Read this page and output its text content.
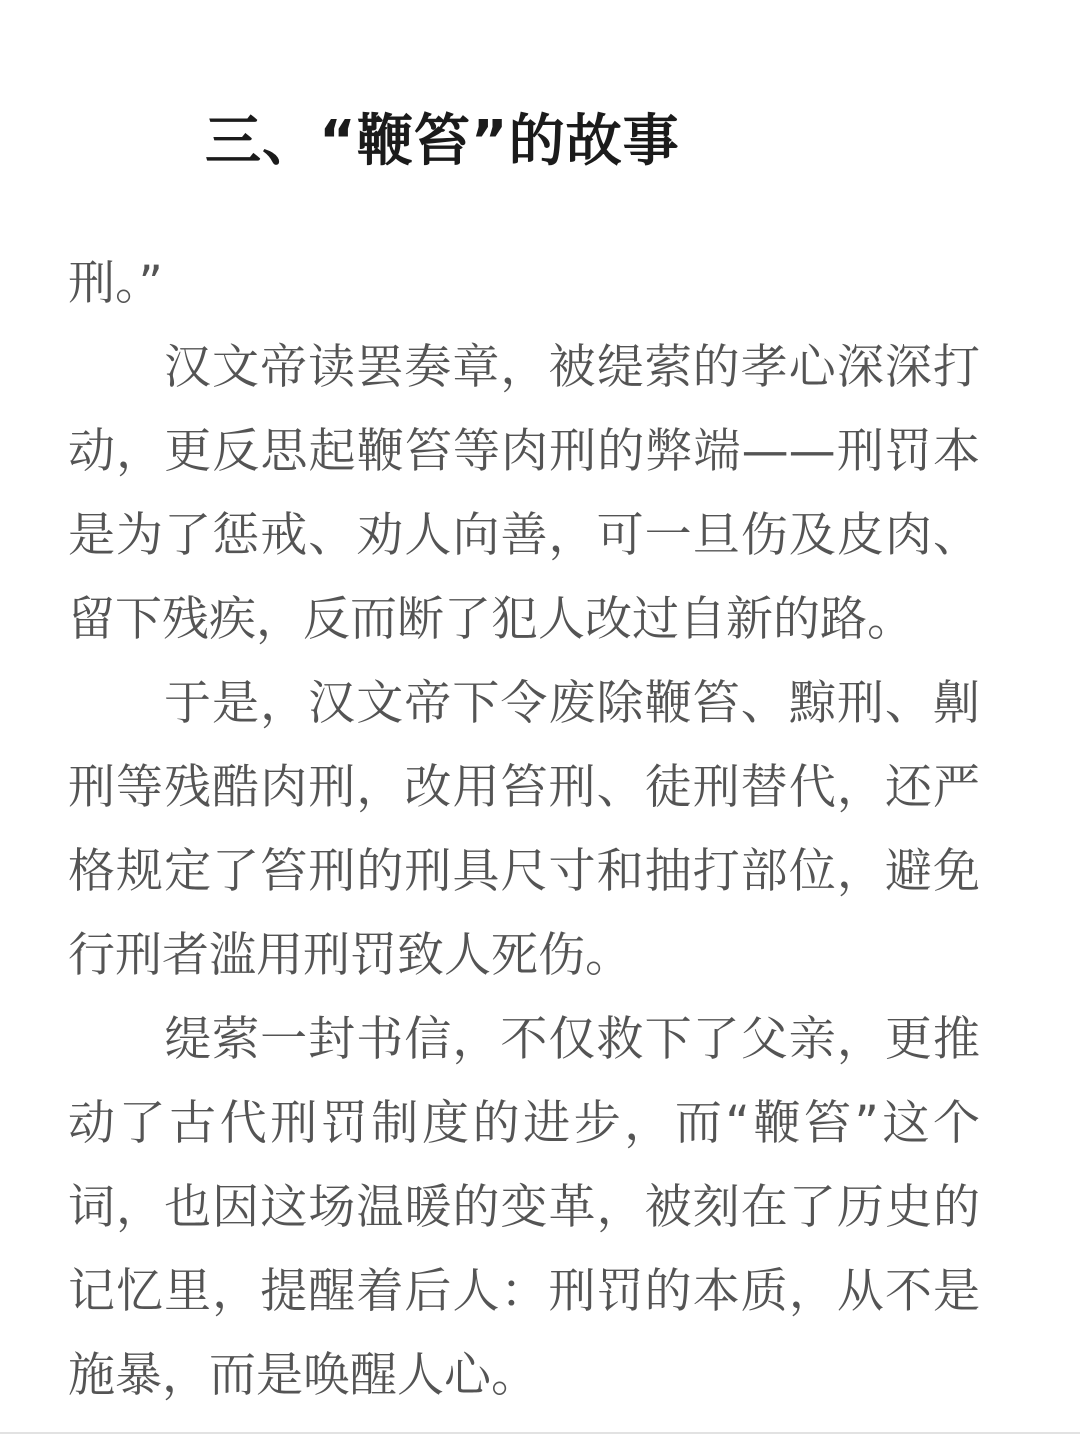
三、“鞭笞”的故事

刑。”

汉文帝读罢奏章，被缇萦的孝心深深打动，更反思起鞭笞等肉刑的弊端——刑罚本是为了惩戒、劝人向善，可一旦伤及皮肉、留下残疾，反而断了犯人改过自新的路。

于是，汉文帝下令废除鞭笞、黥刑、劓刑等残酷肉刑，改用笞刑、徒刑替代，还严格规定了笞刑的刑具尺寸和抽打部位，避免行刑者滥用刑罚致人死伤。

缇萦一封书信，不仅救下了父亲，更推动了古代刑罚制度的进步，而“鞭笞”这个词，也因这场温暖的变革，被刻在了历史的记忆里，提醒着后人：刑罚的本质，从不是施暴，而是唤醒人心。
